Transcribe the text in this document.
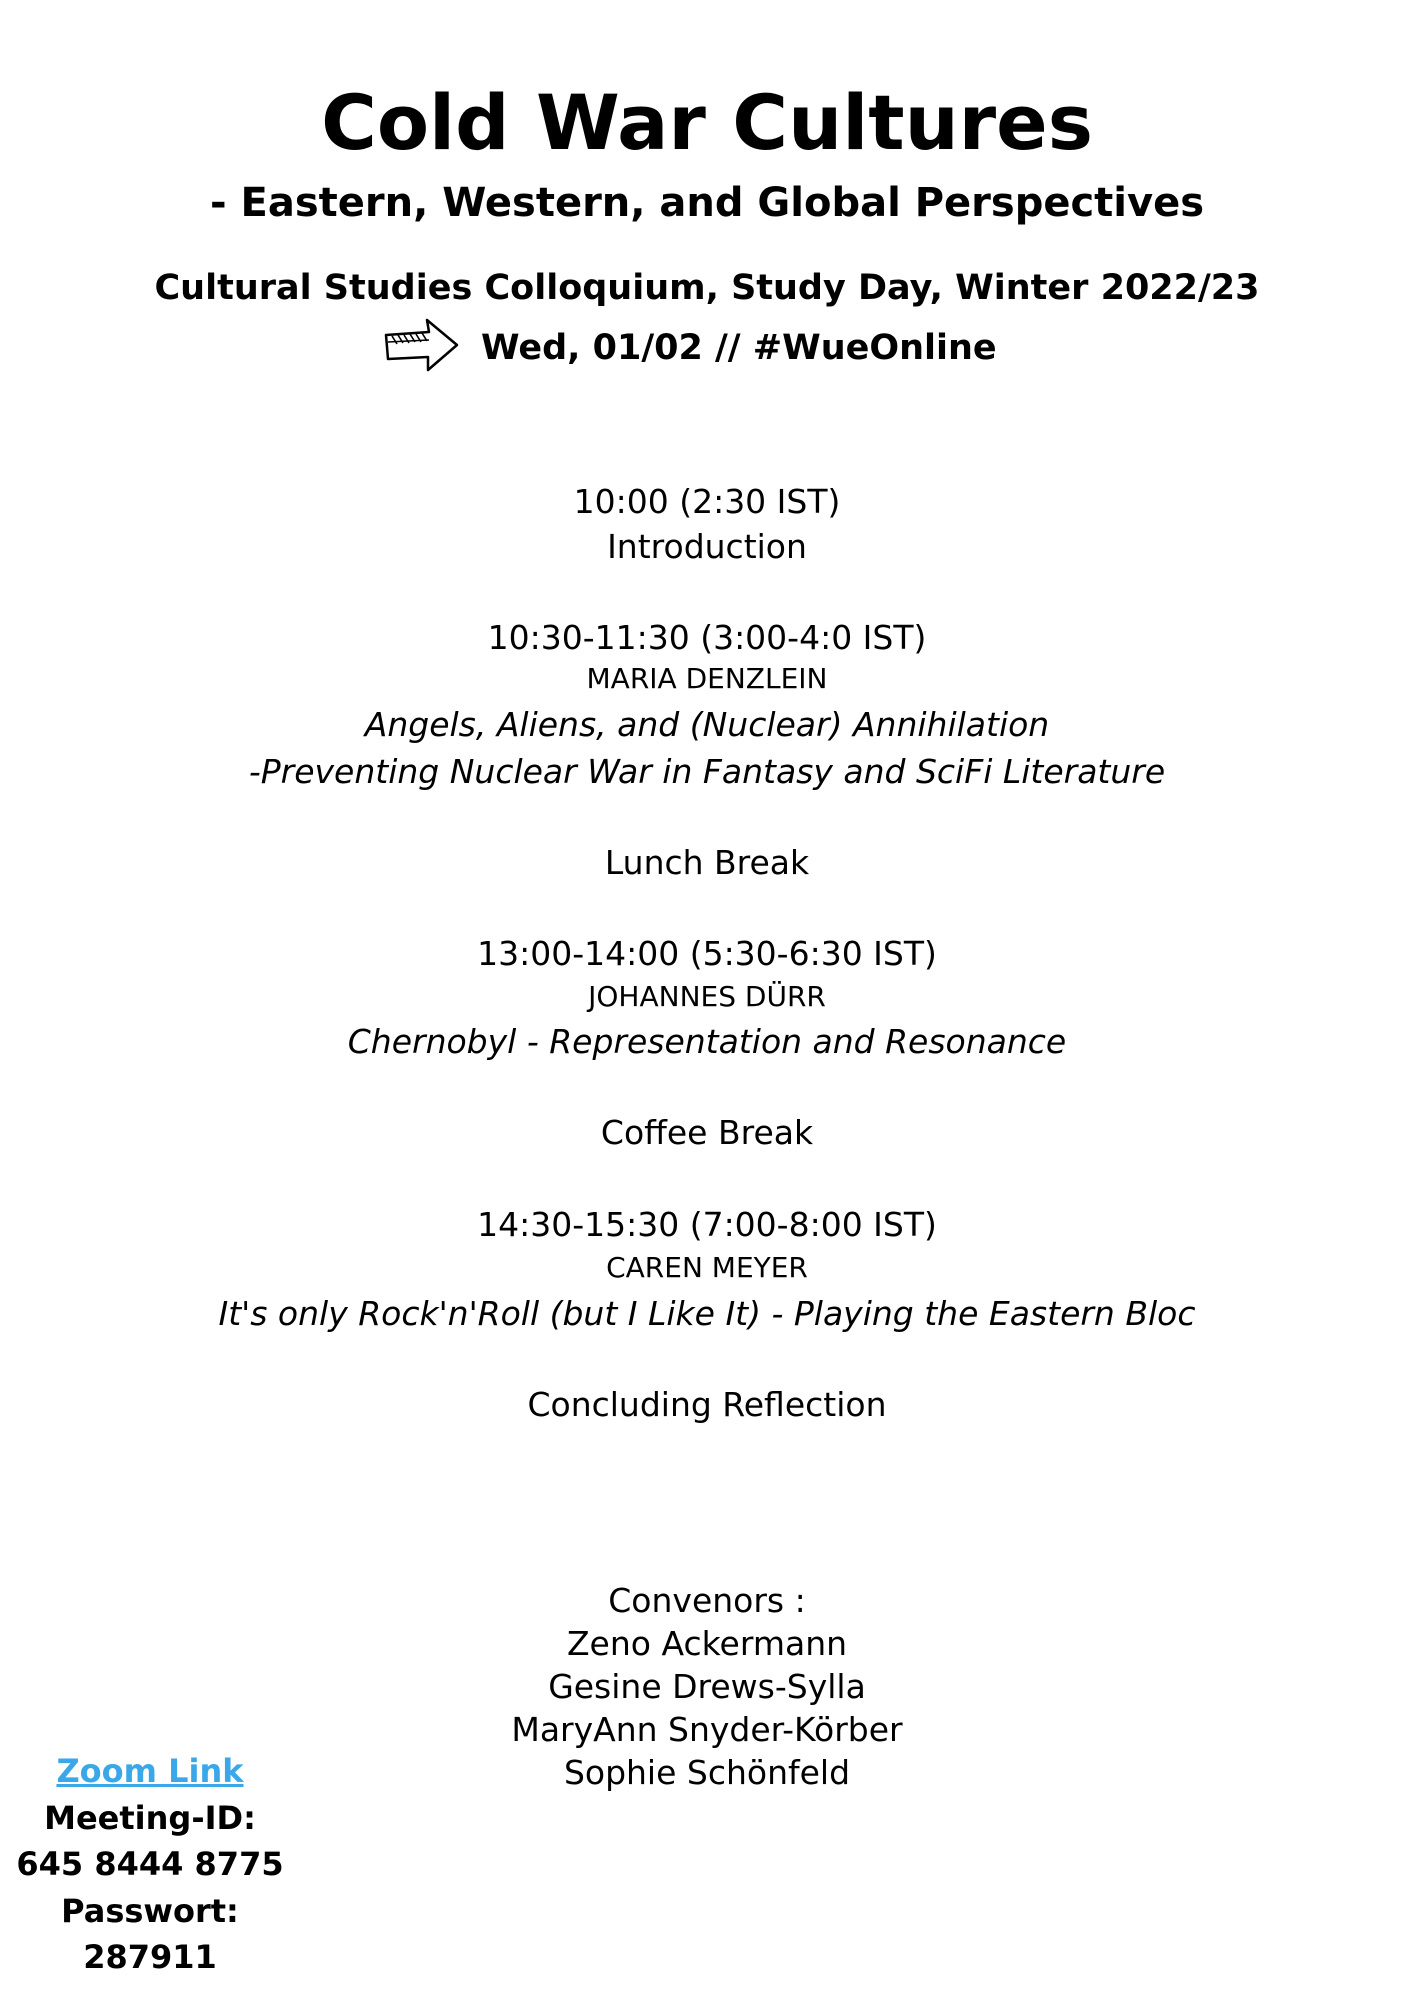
Cold War Cultures
- Eastern, Western, and Global Perspectives
Cultural Studies Colloquium, Study Day, Winter 2022/23
Wed, 01/02 // #WueOnline
10:00 (2:30 IST)
Introduction
10:30-11:30 (3:00-4:0 IST)
MARIA DENZLEIN
Angels, Aliens, and (Nuclear) Annihilation
-Preventing Nuclear War in Fantasy and SciFi Literature
Lunch Break
13:00-14:00 (5:30-6:30 IST)
JOHANNES DÜRR
Chernobyl - Representation and Resonance
Coffee Break
14:30-15:30 (7:00-8:00 IST)
CAREN MEYER
It's only Rock'n'Roll (but I Like It) - Playing the Eastern Bloc
Concluding Reflection
Convenors :
Zeno Ackermann
Gesine Drews-Sylla
MaryAnn Snyder-Körber
Sophie Schönfeld
Zoom Link
Meeting-ID:
645 8444 8775
Passwort:
287911
